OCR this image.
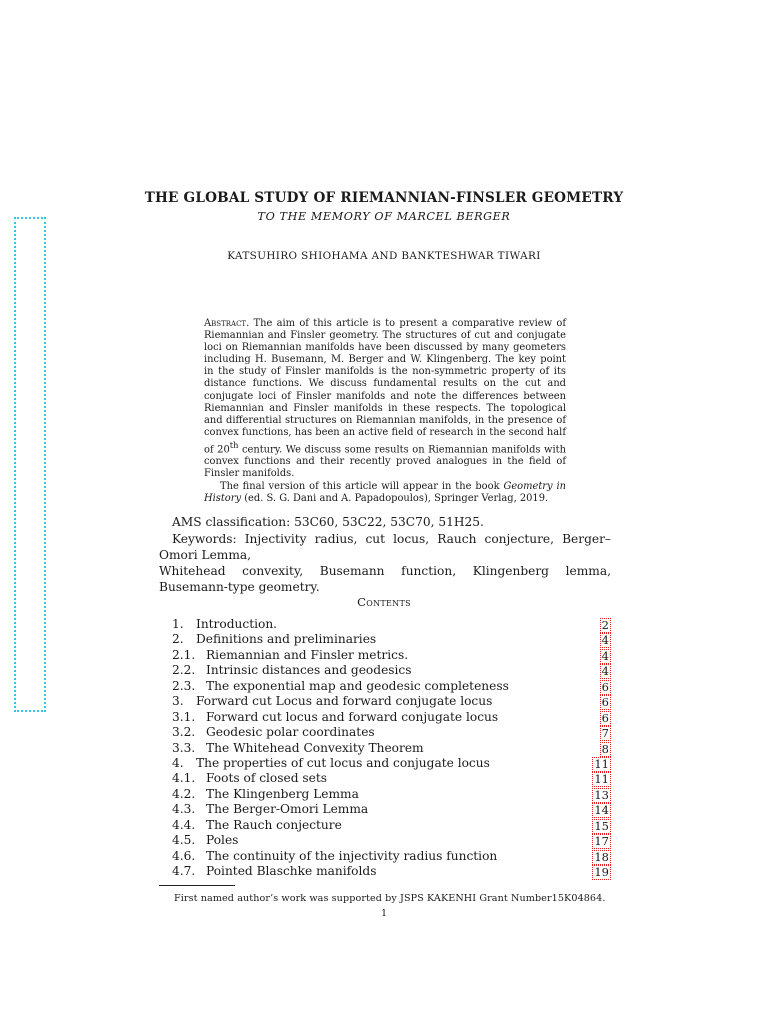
THE GLOBAL STUDY OF RIEMANNIAN-FINSLER GEOMETRY
TO THE MEMORY OF MARCEL BERGER
KATSUHIRO SHIOHAMA AND BANKTESHWAR TIWARI

Abstract. The aim of this article is to present a comparative review of Riemannian and Finsler geometry. The structures of cut and conjugate loci on Riemannian manifolds have been discussed by many geometers including H. Busemann, M. Berger and W. Klingenberg. The key point in the study of Finsler manifolds is the non-symmetric property of its distance functions. We discuss fundamental results on the cut and conjugate loci of Finsler manifolds and note the differences between Riemannian and Finsler manifolds in these respects. The topological and differential structures on Riemannian manifolds, in the presence of convex functions, has been an active field of research in the second half of 20th century. We discuss some results on Riemannian manifolds with convex functions and their recently proved analogues in the field of Finsler manifolds.

The final version of this article will appear in the book Geometry in History (ed. S. G. Dani and A. Papadopoulos), Springer Verlag, 2019.

AMS classification: 53C60, 53C22, 53C70, 51H25.
Keywords: Injectivity radius, cut locus, Rauch conjecture, Berger–Omori Lemma,
Whitehead convexity, Busemann function, Klingenberg lemma, Busemann-type geometry.
Contents
1. Introduction.	2
2. Definitions and preliminaries	4
2.1. Riemannian and Finsler metrics.	4
2.2. Intrinsic distances and geodesics	4
2.3. The exponential map and geodesic completeness	6
3. Forward cut Locus and forward conjugate locus	6
3.1. Forward cut locus and forward conjugate locus	6
3.2. Geodesic polar coordinates	7
3.3. The Whitehead Convexity Theorem	8
4. The properties of cut locus and conjugate locus	11
4.1. Foots of closed sets	11
4.2. The Klingenberg Lemma	13
4.3. The Berger-Omori Lemma	14
4.4. The Rauch conjecture	15
4.5. Poles	17
4.6. The continuity of the injectivity radius function	18
4.7. Pointed Blaschke manifolds	19
First named author’s work was supported by JSPS KAKENHI Grant Number15K04864.
1
